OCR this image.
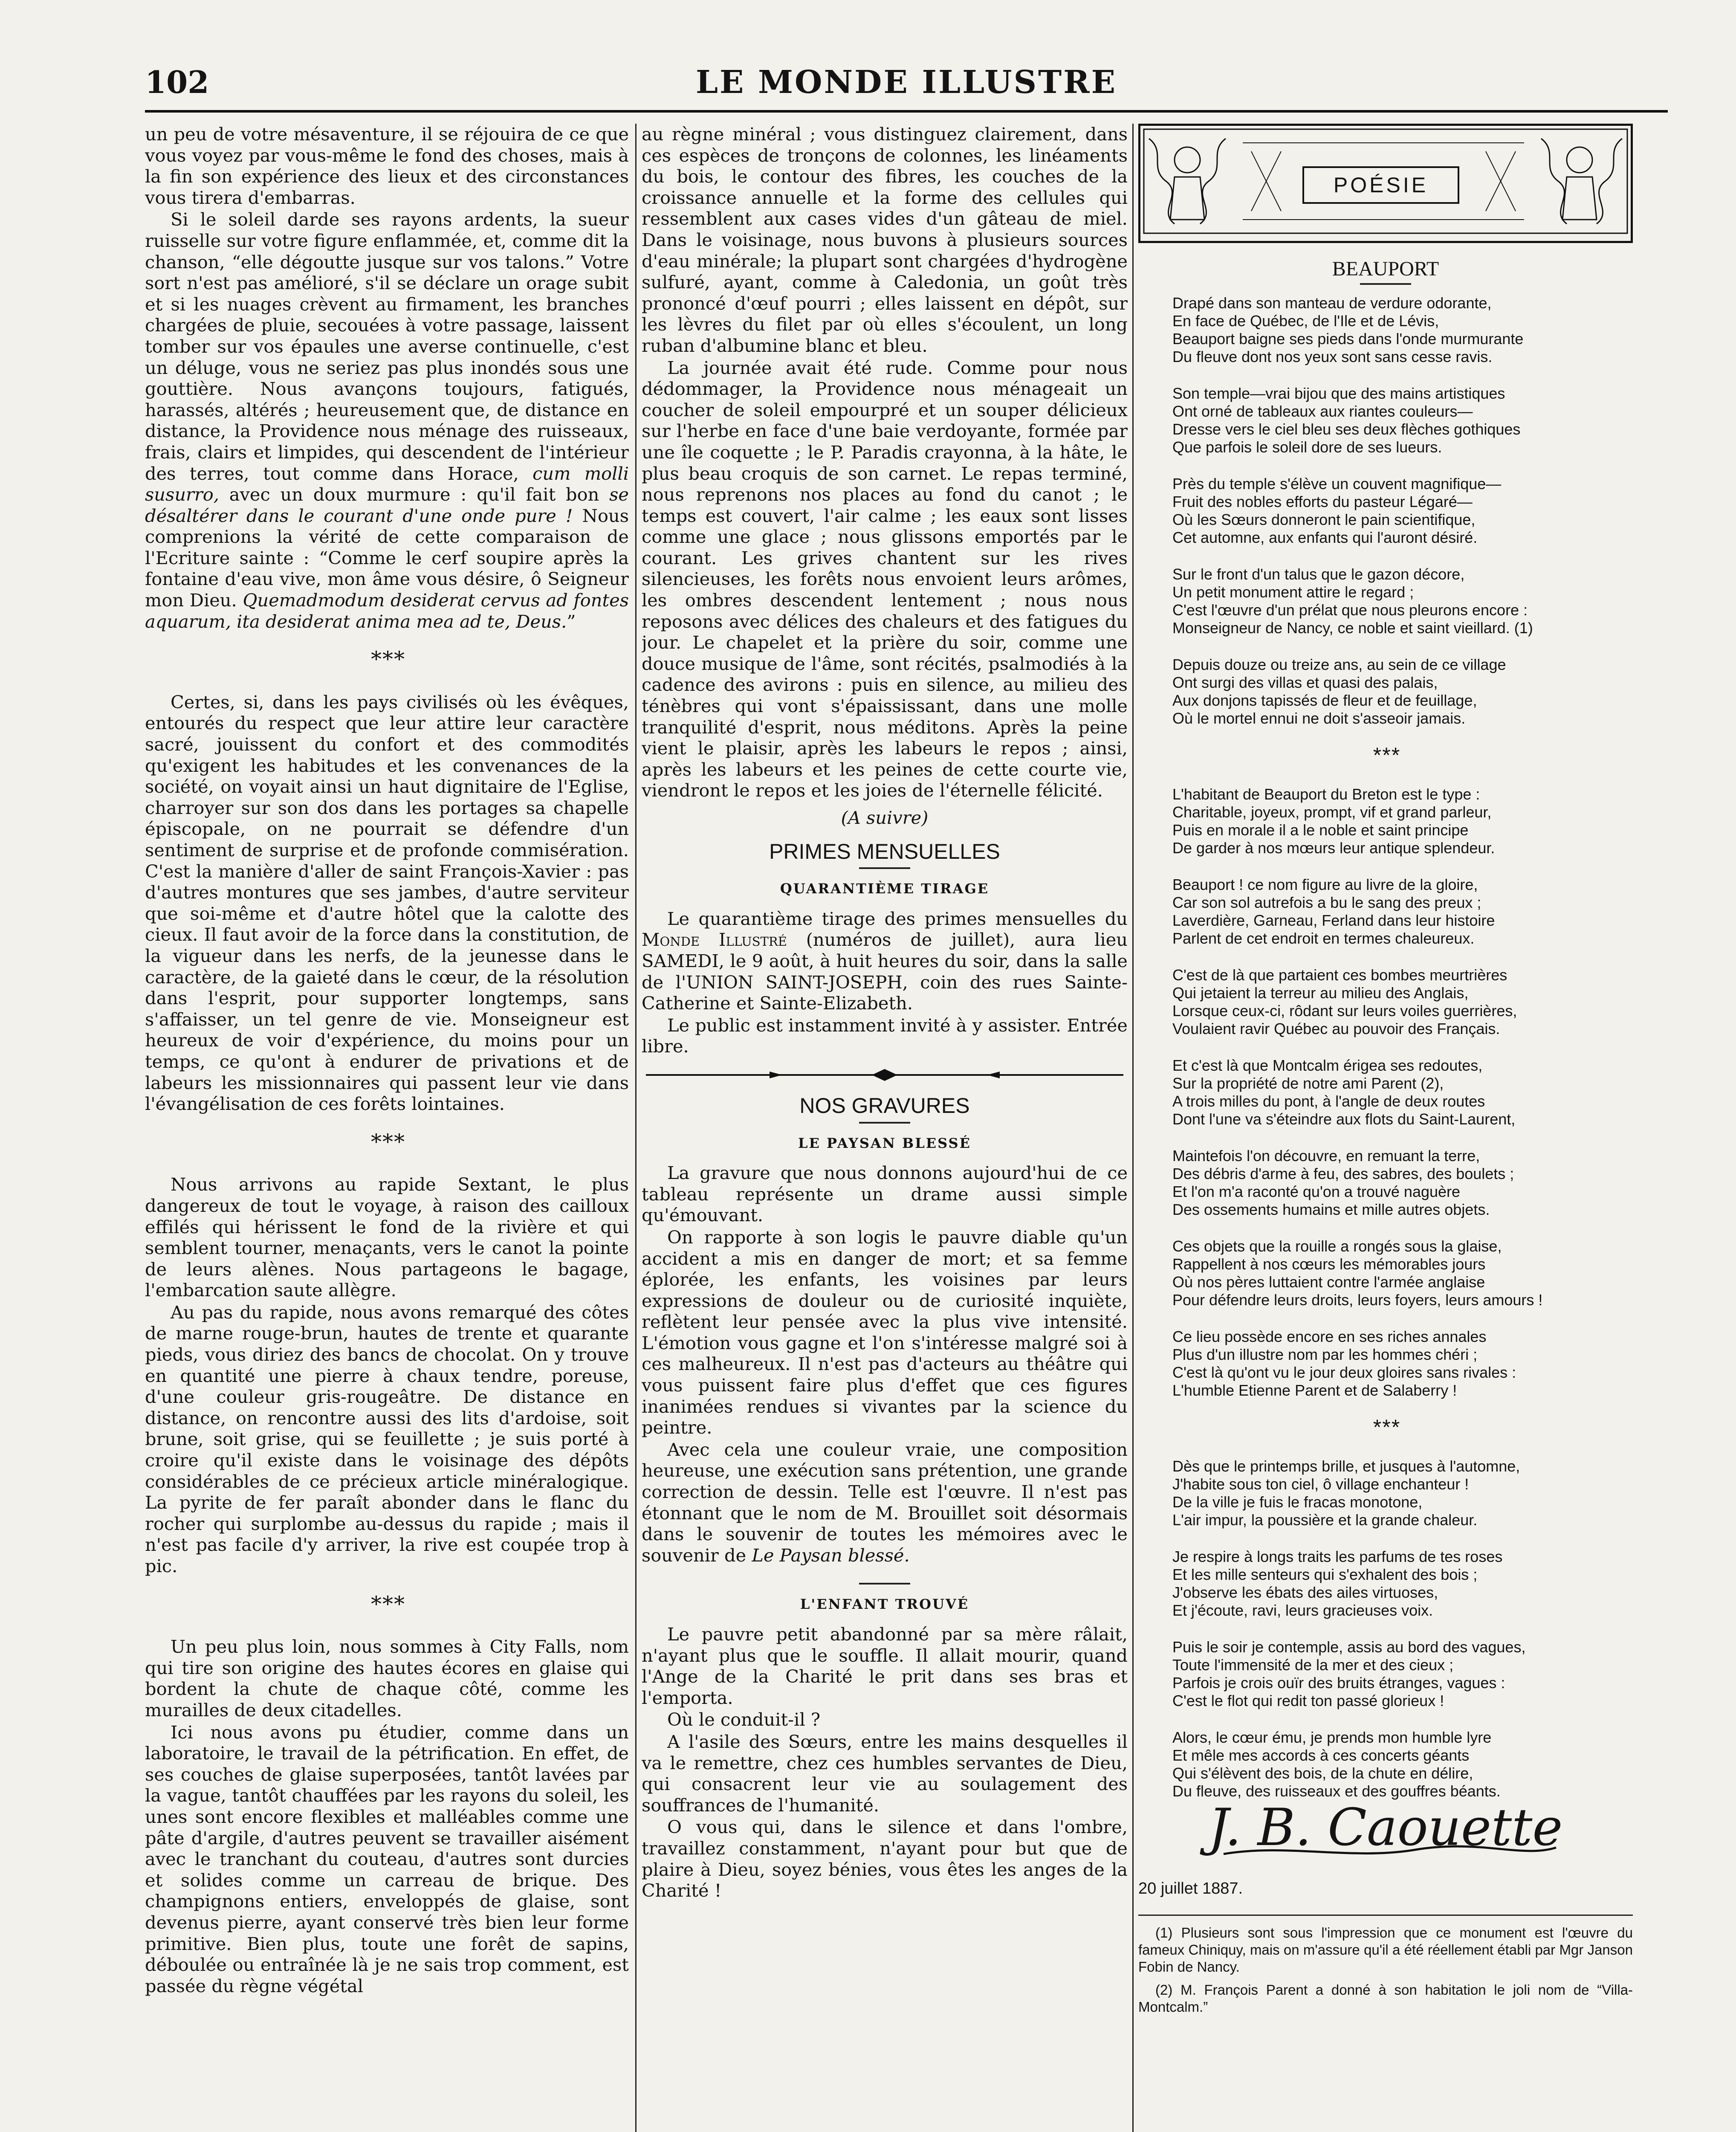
102	LE MONDE ILLUSTRE

un peu de votre mésaventure, il se réjouira de ce que vous voyez par vous-même le fond des choses, mais à la fin son expérience des lieux et des circonstances vous tirera d'embarras.

Si le soleil darde ses rayons ardents, la sueur ruisselle sur votre figure enflammée, et, comme dit la chanson, “elle dégoutte jusque sur vos talons.” Votre sort n'est pas amélioré, s'il se déclare un orage subit et si les nuages crèvent au firmament, les branches chargées de pluie, secouées à votre passage, laissent tomber sur vos épaules une averse continuelle, c'est un déluge, vous ne seriez pas plus inondés sous une gouttière. Nous avançons toujours, fatigués, harassés, altérés ; heureusement que, de distance en distance, la Providence nous ménage des ruisseaux, frais, clairs et limpides, qui descendent de l'intérieur des terres, tout comme dans Horace, cum molli susurro, avec un doux murmure : qu'il fait bon se désaltérer dans le courant d'une onde pure ! Nous comprenions la vérité de cette comparaison de l'Ecriture sainte : “Comme le cerf soupire après la fontaine d'eau vive, mon âme vous désire, ô Seigneur mon Dieu. Quemadmodum desiderat cervus ad fontes aquarum, ita desiderat anima mea ad te, Deus.”

* * *

Certes, si, dans les pays civilisés où les évêques, entourés du respect que leur attire leur caractère sacré, jouissent du confort et des commodités qu'exigent les habitudes et les convenances de la société, on voyait ainsi un haut dignitaire de l'Eglise, charroyer sur son dos dans les portages sa chapelle épiscopale, on ne pourrait se défendre d'un sentiment de surprise et de profonde commisération. C'est la manière d'aller de saint François-Xavier : pas d'autres montures que ses jambes, d'autre serviteur que soi-même et d'autre hôtel que la calotte des cieux. Il faut avoir de la force dans la constitution, de la vigueur dans les nerfs, de la jeunesse dans le caractère, de la gaieté dans le cœur, de la résolution dans l'esprit, pour supporter longtemps, sans s'affaisser, un tel genre de vie. Monseigneur est heureux de voir d'expérience, du moins pour un temps, ce qu'ont à endurer de privations et de labeurs les missionnaires qui passent leur vie dans l'évangélisation de ces forêts lointaines.

* * *

Nous arrivons au rapide Sextant, le plus dangereux de tout le voyage, à raison des cailloux effilés qui hérissent le fond de la rivière et qui semblent tourner, menaçants, vers le canot la pointe de leurs alènes. Nous partageons le bagage, l'embarcation saute allègre.

Au pas du rapide, nous avons remarqué des côtes de marne rouge-brun, hautes de trente et quarante pieds, vous diriez des bancs de chocolat. On y trouve en quantité une pierre à chaux tendre, poreuse, d'une couleur gris-rougeâtre. De distance en distance, on rencontre aussi des lits d'ardoise, soit brune, soit grise, qui se feuillette ; je suis porté à croire qu'il existe dans le voisinage des dépôts considérables de ce précieux article minéralogique. La pyrite de fer paraît abonder dans le flanc du rocher qui surplombe au-dessus du rapide ; mais il n'est pas facile d'y arriver, la rive est coupée trop à pic.

* * *

Un peu plus loin, nous sommes à City Falls, nom qui tire son origine des hautes écores en glaise qui bordent la chute de chaque côté, comme les murailles de deux citadelles.

Ici nous avons pu étudier, comme dans un laboratoire, le travail de la pétrification. En effet, de ses couches de glaise superposées, tantôt lavées par la vague, tantôt chauffées par les rayons du soleil, les unes sont encore flexibles et malléables comme une pâte d'argile, d'autres peuvent se travailler aisément avec le tranchant du couteau, d'autres sont durcies et solides comme un carreau de brique. Des champignons entiers, enveloppés de glaise, sont devenus pierre, ayant conservé très bien leur forme primitive. Bien plus, toute une forêt de sapins, déboulée ou entraînée là je ne sais trop comment, est passée du règne végétal

au règne minéral ; vous distinguez clairement, dans ces espèces de tronçons de colonnes, les linéaments du bois, le contour des fibres, les couches de la croissance annuelle et la forme des cellules qui ressemblent aux cases vides d'un gâteau de miel. Dans le voisinage, nous buvons à plusieurs sources d'eau minérale; la plupart sont chargées d'hydrogène sulfuré, ayant, comme à Caledonia, un goût très prononcé d'œuf pourri ; elles laissent en dépôt, sur les lèvres du filet par où elles s'écoulent, un long ruban d'albumine blanc et bleu.

La journée avait été rude. Comme pour nous dédommager, la Providence nous ménageait un coucher de soleil empourpré et un souper délicieux sur l'herbe en face d'une baie verdoyante, formée par une île coquette ; le P. Paradis crayonna, à la hâte, le plus beau croquis de son carnet. Le repas terminé, nous reprenons nos places au fond du canot ; le temps est couvert, l'air calme ; les eaux sont lisses comme une glace ; nous glissons emportés par le courant. Les grives chantent sur les rives silencieuses, les forêts nous envoient leurs arômes, les ombres descendent lentement ; nous nous reposons avec délices des chaleurs et des fatigues du jour. Le chapelet et la prière du soir, comme une douce musique de l'âme, sont récités, psalmodiés à la cadence des avirons : puis en silence, au milieu des ténèbres qui vont s'épaississant, dans une molle tranquilité d'esprit, nous méditons. Après la peine vient le plaisir, après les labeurs le repos ; ainsi, après les labeurs et les peines de cette courte vie, viendront le repos et les joies de l'éternelle félicité.

(A suivre)
PRIMES MENSUELLES
QUARANTIÈME TIRAGE

Le quarantième tirage des primes mensuelles du Monde Illustré (numéros de juillet), aura lieu SAMEDI, le 9 août, à huit heures du soir, dans la salle de l'UNION SAINT-JOSEPH, coin des rues Sainte-Catherine et Sainte-Elizabeth.

Le public est instamment invité à y assister. Entrée libre.

NOS GRAVURES
LE PAYSAN BLESSÉ

La gravure que nous donnons aujourd'hui de ce tableau représente un drame aussi simple qu'émouvant.

On rapporte à son logis le pauvre diable qu'un accident a mis en danger de mort; et sa femme éplorée, les enfants, les voisines par leurs expressions de douleur ou de curiosité inquiète, reflètent leur pensée avec la plus vive intensité. L'émotion vous gagne et l'on s'intéresse malgré soi à ces malheureux. Il n'est pas d'acteurs au théâtre qui vous puissent faire plus d'effet que ces figures inanimées rendues si vivantes par la science du peintre.

Avec cela une couleur vraie, une composition heureuse, une exécution sans prétention, une grande correction de dessin. Telle est l'œuvre. Il n'est pas étonnant que le nom de M. Brouillet soit désormais dans le souvenir de toutes les mémoires avec le souvenir de Le Paysan blessé.

L'ENFANT TROUVÉ

Le pauvre petit abandonné par sa mère râlait, n'ayant plus que le souffle. Il allait mourir, quand l'Ange de la Charité le prit dans ses bras et l'emporta.

Où le conduit-il ?

A l'asile des Sœurs, entre les mains desquelles il va le remettre, chez ces humbles servantes de Dieu, qui consacrent leur vie au soulagement des souffrances de l'humanité.

O vous qui, dans le silence et dans l'ombre, travaillez constamment, n'ayant pour but que de plaire à Dieu, soyez bénies, vous êtes les anges de la Charité !

POÉSIE
BEAUPORT
Drapé dans son manteau de verdure odorante,
En face de Québec, de l'Ile et de Lévis,
Beauport baigne ses pieds dans l'onde murmurante
Du fleuve dont nos yeux sont sans cesse ravis.
Son temple—vrai bijou que des mains artistiques
Ont orné de tableaux aux riantes couleurs—
Dresse vers le ciel bleu ses deux flèches gothiques
Que parfois le soleil dore de ses lueurs.
Près du temple s'élève un couvent magnifique—
Fruit des nobles efforts du pasteur Légaré—
Où les Sœurs donneront le pain scientifique,
Cet automne, aux enfants qui l'auront désiré.
Sur le front d'un talus que le gazon décore,
Un petit monument attire le regard ;
C'est l'œuvre d'un prélat que nous pleurons encore :
Monseigneur de Nancy, ce noble et saint vieillard. (1)
Depuis douze ou treize ans, au sein de ce village
Ont surgi des villas et quasi des palais,
Aux donjons tapissés de fleur et de feuillage,
Où le mortel ennui ne doit s'asseoir jamais.
* * *
L'habitant de Beauport du Breton est le type :
Charitable, joyeux, prompt, vif et grand parleur,
Puis en morale il a le noble et saint principe
De garder à nos mœurs leur antique splendeur.
Beauport ! ce nom figure au livre de la gloire,
Car son sol autrefois a bu le sang des preux ;
Laverdière, Garneau, Ferland dans leur histoire
Parlent de cet endroit en termes chaleureux.
C'est de là que partaient ces bombes meurtrières
Qui jetaient la terreur au milieu des Anglais,
Lorsque ceux-ci, rôdant sur leurs voiles guerrières,
Voulaient ravir Québec au pouvoir des Français.
Et c'est là que Montcalm érigea ses redoutes,
Sur la propriété de notre ami Parent (2),
A trois milles du pont, à l'angle de deux routes
Dont l'une va s'éteindre aux flots du Saint-Laurent,
Maintefois l'on découvre, en remuant la terre,
Des débris d'arme à feu, des sabres, des boulets ;
Et l'on m'a raconté qu'on a trouvé naguère
Des ossements humains et mille autres objets.
Ces objets que la rouille a rongés sous la glaise,
Rappellent à nos cœurs les mémorables jours
Où nos pères luttaient contre l'armée anglaise
Pour défendre leurs droits, leurs foyers, leurs amours !
Ce lieu possède encore en ses riches annales
Plus d'un illustre nom par les hommes chéri ;
C'est là qu'ont vu le jour deux gloires sans rivales :
L'humble Etienne Parent et de Salaberry !
* * *
Dès que le printemps brille, et jusques à l'automne,
J'habite sous ton ciel, ô village enchanteur !
De la ville je fuis le fracas monotone,
L'air impur, la poussière et la grande chaleur.
Je respire à longs traits les parfums de tes roses
Et les mille senteurs qui s'exhalent des bois ;
J'observe les ébats des ailes virtuoses,
Et j'écoute, ravi, leurs gracieuses voix.
Puis le soir je contemple, assis au bord des vagues,
Toute l'immensité de la mer et des cieux ;
Parfois je crois ouïr des bruits étranges, vagues :
C'est le flot qui redit ton passé glorieux !
Alors, le cœur ému, je prends mon humble lyre
Et mêle mes accords à ces concerts géants
Qui s'élèvent des bois, de la chute en délire,
Du fleuve, des ruisseaux et des gouffres béants.
J. B. Caouette
20 juillet 1887.

(1) Plusieurs sont sous l'impression que ce monument est l'œuvre du fameux Chiniquy, mais on m'assure qu'il a été réellement établi par Mgr Janson Fobin de Nancy.

(2) M. François Parent a donné à son habitation le joli nom de “Villa-Montcalm.”
